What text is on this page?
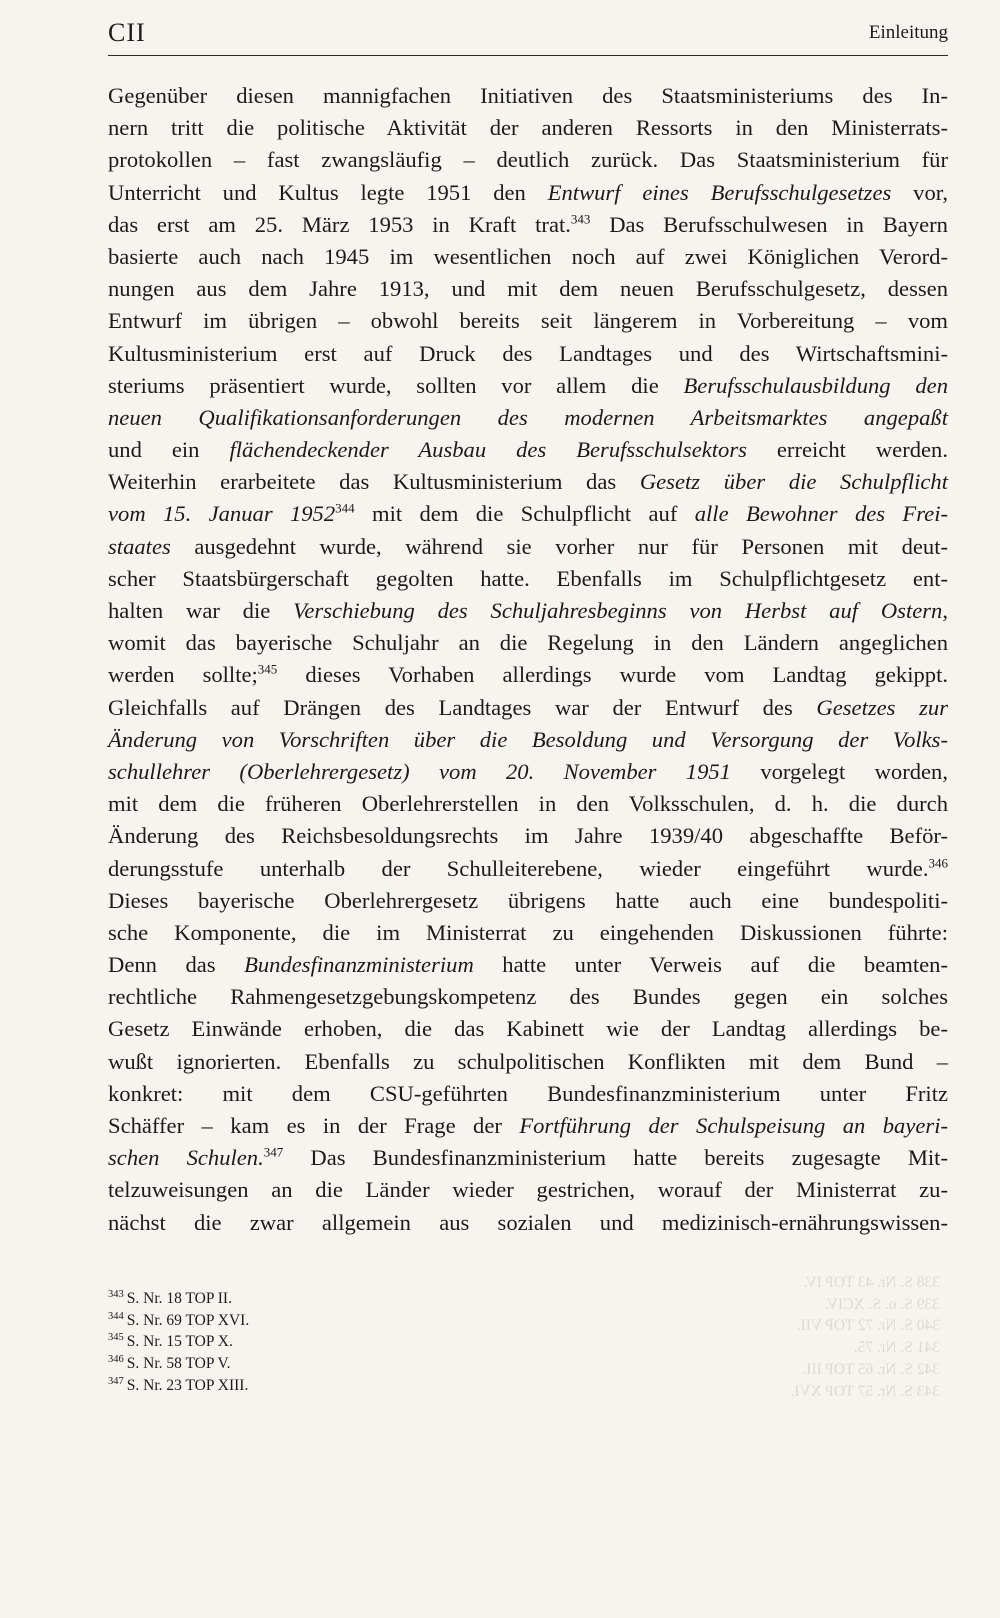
CII	Einleitung
Gegenüber diesen mannigfachen Initiativen des Staatsministeriums des In-
nern tritt die politische Aktivität der anderen Ressorts in den Ministerrats-
protokollen – fast zwangsläufig – deutlich zurück. Das Staatsministerium für
Unterricht und Kultus legte 1951 den Entwurf eines Berufsschulgesetzes vor,
das erst am 25. März 1953 in Kraft trat.$^{343}$ Das Berufsschulwesen in Bayern
basierte auch nach 1945 im wesentlichen noch auf zwei Königlichen Verord-
nungen aus dem Jahre 1913, und mit dem neuen Berufsschulgesetz, dessen
Entwurf im übrigen – obwohl bereits seit längerem in Vorbereitung – vom
Kultusministerium erst auf Druck des Landtages und des Wirtschaftsmini-
steriums präsentiert wurde, sollten vor allem die Berufsschulausbildung den
neuen Qualifikationsanforderungen des modernen Arbeitsmarktes angepaßt
und ein flächendeckender Ausbau des Berufsschulsektors erreicht werden.
Weiterhin erarbeitete das Kultusministerium das Gesetz über die Schulpflicht
vom 15. Januar 1952$^{344}$ mit dem die Schulpflicht auf alle Bewohner des Frei-
staates ausgedehnt wurde, während sie vorher nur für Personen mit deut-
scher Staatsbürgerschaft gegolten hatte. Ebenfalls im Schulpflichtgesetz ent-
halten war die Verschiebung des Schuljahresbeginns von Herbst auf Ostern,
womit das bayerische Schuljahr an die Regelung in den Ländern angeglichen
werden sollte;$^{345}$ dieses Vorhaben allerdings wurde vom Landtag gekippt.
Gleichfalls auf Drängen des Landtages war der Entwurf des Gesetzes zur
Änderung von Vorschriften über die Besoldung und Versorgung der Volks-
schullehrer (Oberlehrergesetz) vom 20. November 1951 vorgelegt worden,
mit dem die früheren Oberlehrerstellen in den Volksschulen, d. h. die durch
Änderung des Reichsbesoldungsrechts im Jahre 1939/40 abgeschaffte Beför-
derungsstufe unterhalb der Schulleiterebene, wieder eingeführt wurde.$^{346}$
Dieses bayerische Oberlehrergesetz übrigens hatte auch eine bundespoliti-
sche Komponente, die im Ministerrat zu eingehenden Diskussionen führte:
Denn das Bundesfinanzministerium hatte unter Verweis auf die beamten-
rechtliche Rahmengesetzgebungskompetenz des Bundes gegen ein solches
Gesetz Einwände erhoben, die das Kabinett wie der Landtag allerdings be-
wußt ignorierten. Ebenfalls zu schulpolitischen Konflikten mit dem Bund –
konkret: mit dem CSU-geführten Bundesfinanzministerium unter Fritz
Schäffer – kam es in der Frage der Fortführung der Schulspeisung an bayeri-
schen Schulen.$^{347}$ Das Bundesfinanzministerium hatte bereits zugesagte Mit-
telzuweisungen an die Länder wieder gestrichen, worauf der Ministerrat zu-
nächst die zwar allgemein aus sozialen und medizinisch-ernährungswissen-
$^{343}$ S. Nr. 18 TOP II.
$^{344}$ S. Nr. 69 TOP XVI.
$^{345}$ S. Nr. 15 TOP X.
$^{346}$ S. Nr. 58 TOP V.
$^{347}$ S. Nr. 23 TOP XIII.
338 S. Nr. 43 TOP IV.
339 S. o. S. XCIV.
340 S. Nr. 72 TOP VII.
341 S. Nr. 75.
342 S. Nr. 65 TOP III.
343 S. Nr. 57 TOP XVI.
